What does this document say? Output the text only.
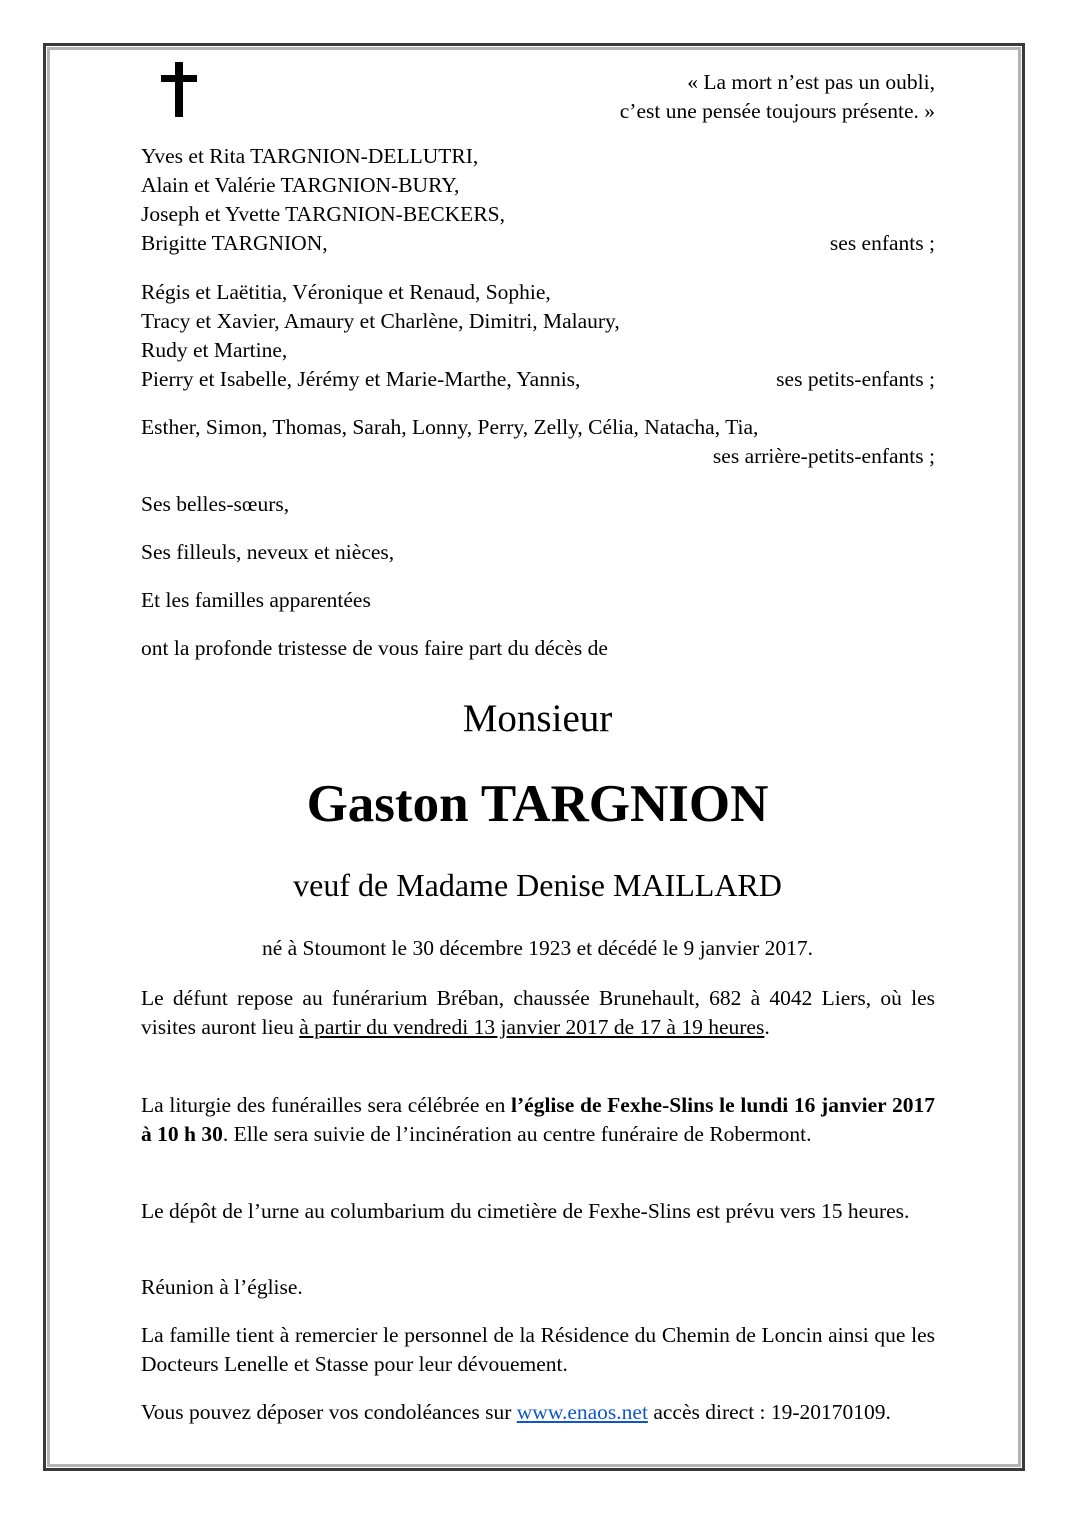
« La mort n’est pas un oubli,
c’est une pensée toujours présente. »
Yves et Rita TARGNION-DELLUTRI,
Alain et Valérie TARGNION-BURY,
Joseph et Yvette TARGNION-BECKERS,
Brigitte TARGNION,	ses enfants ;
Régis et Laëtitia, Véronique et Renaud, Sophie,
Tracy et Xavier, Amaury et Charlène, Dimitri, Malaury,
Rudy et Martine,
Pierry et Isabelle, Jérémy et Marie-Marthe, Yannis,	ses petits-enfants ;
Esther, Simon, Thomas, Sarah, Lonny, Perry, Zelly, Célia, Natacha, Tia,
ses arrière-petits-enfants ;
Ses belles-sœurs,
Ses filleuls, neveux et nièces,
Et les familles apparentées
ont la profonde tristesse de vous faire part du décès de
Monsieur
Gaston TARGNION
veuf de Madame Denise MAILLARD
né à Stoumont le 30 décembre 1923 et décédé le 9 janvier 2017.
Le défunt repose au funérarium Bréban, chaussée Brunehault, 682 à 4042 Liers, où les visites auront lieu à partir du vendredi 13 janvier 2017 de 17 à 19 heures.
La liturgie des funérailles sera célébrée en l’église de Fexhe-Slins le lundi 16 janvier 2017 à 10 h 30. Elle sera suivie de l’incinération au centre funéraire de Robermont.
Le dépôt de l’urne au columbarium du cimetière de Fexhe-Slins est prévu vers 15 heures.
Réunion à l’église.
La famille tient à remercier le personnel de la Résidence du Chemin de Loncin ainsi que les Docteurs Lenelle et Stasse pour leur dévouement.
Vous pouvez déposer vos condoléances sur www.enaos.net accès direct : 19-20170109.
